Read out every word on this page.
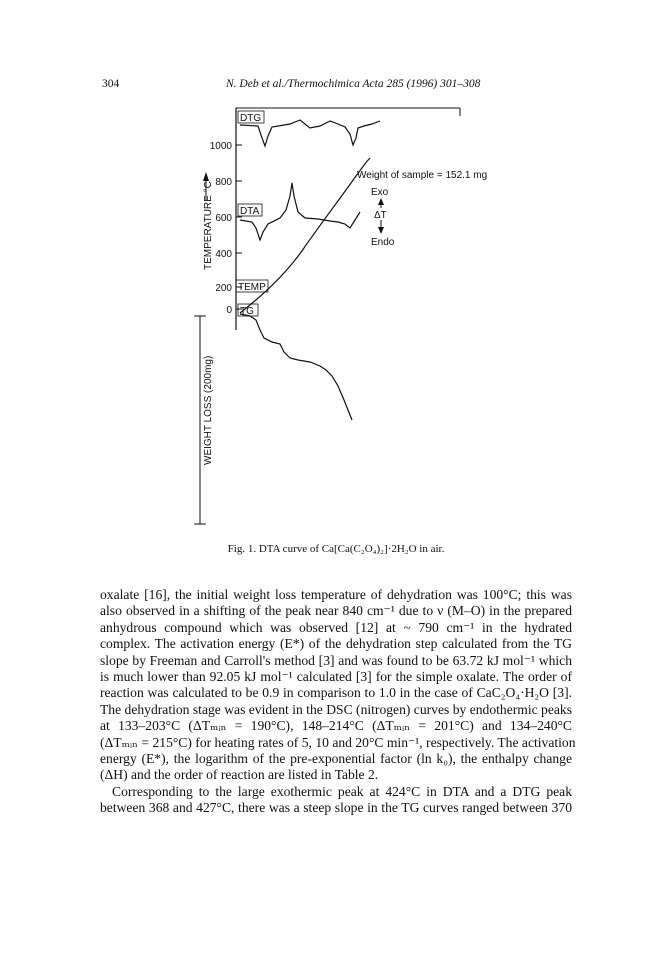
304	N. Deb et al./Thermochimica Acta 285 (1996) 301–308
1000
800
600
400
200
0
TEMPERATURE °C
WEIGHT LOSS (200mg)
DTG
DTA
TEMP
TG
Weight of sample = 152.1 mg
Exo
ΔT
Endo
Fig. 1. DTA curve of Ca[Ca(C₂O₄)₂]·2H₂O in air.
oxalate [16], the initial weight loss temperature of dehydration was 100°C; this was
also observed in a shifting of the peak near 840 cm⁻¹ due to ν (M–O) in the prepared
anhydrous compound which was observed [12] at ~ 790 cm⁻¹ in the hydrated
complex. The activation energy (E*) of the dehydration step calculated from the TG
slope by Freeman and Carroll's method [3] and was found to be 63.72 kJ mol⁻¹ which
is much lower than 92.05 kJ mol⁻¹ calculated [3] for the simple oxalate. The order of
reaction was calculated to be 0.9 in comparison to 1.0 in the case of CaC₂O₄·H₂O [3].
The dehydration stage was evident in the DSC (nitrogen) curves by endothermic peaks
at 133–203°C (ΔTₘᵢₙ = 190°C), 148–214°C (ΔTₘᵢₙ = 201°C) and 134–240°C
(ΔTₘᵢₙ = 215°C) for heating rates of 5, 10 and 20°C min⁻¹, respectively. The activation
energy (E*), the logarithm of the pre-exponential factor (ln k₀), the enthalpy change
(ΔH) and the order of reaction are listed in Table 2.
Corresponding to the large exothermic peak at 424°C in DTA and a DTG peak
between 368 and 427°C, there was a steep slope in the TG curves ranged between 370
